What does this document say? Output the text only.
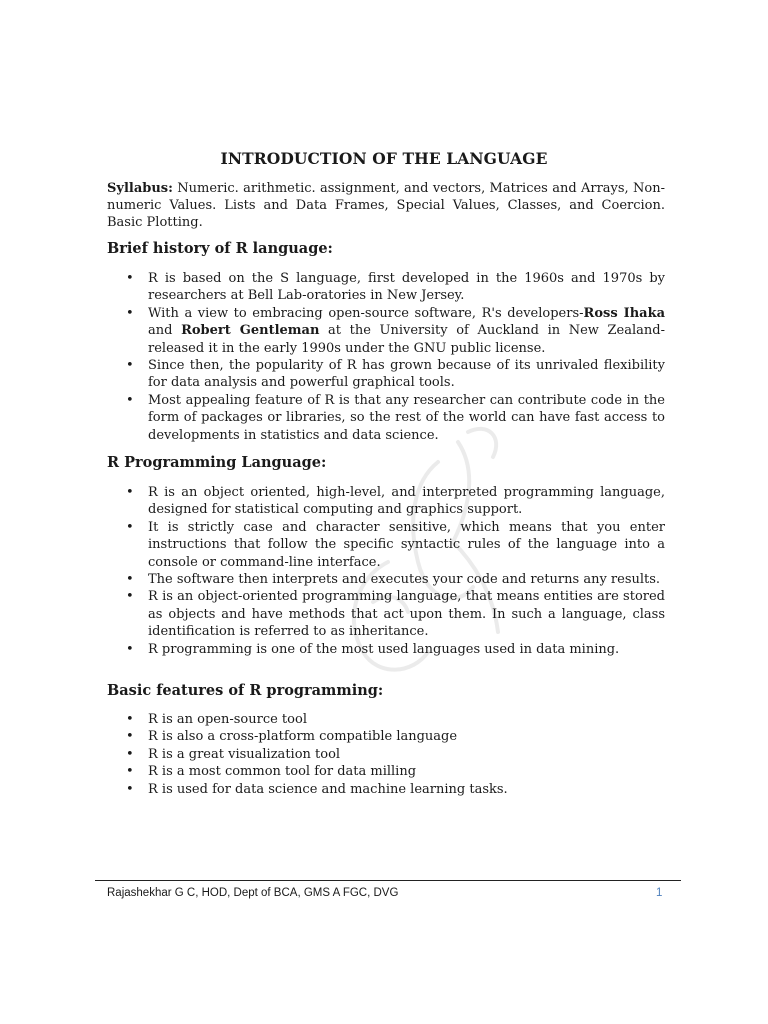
INTRODUCTION OF THE LANGUAGE
Syllabus: Numeric. arithmetic. assignment, and vectors, Matrices and Arrays, Non-numeric Values. Lists and Data Frames, Special Values, Classes, and Coercion. Basic Plotting.
Brief history of R language:
• R is based on the S language, first developed in the 1960s and 1970s by researchers at Bell Lab-oratories in New Jersey.
• With a view to embracing open-source software, R's developers-Ross Ihaka and Robert Gentleman at the University of Auckland in New Zealand-released it in the early 1990s under the GNU public license.
• Since then, the popularity of R has grown because of its unrivaled flexibility for data analysis and powerful graphical tools.
• Most appealing feature of R is that any researcher can contribute code in the form of packages or libraries, so the rest of the world can have fast access to developments in statistics and data science.
R Programming Language:
• R is an object oriented, high-level, and interpreted programming language, designed for statistical computing and graphics support.
• It is strictly case and character sensitive, which means that you enter instructions that follow the specific syntactic rules of the language into a console or command-line interface.
• The software then interprets and executes your code and returns any results.
• R is an object-oriented programming language, that means entities are stored as objects and have methods that act upon them. In such a language, class identification is referred to as inheritance.
• R programming is one of the most used languages used in data mining.
Basic features of R programming:
• R is an open-source tool
• R is also a cross-platform compatible language
• R is a great visualization tool
• R is a most common tool for data milling
• R is used for data science and machine learning tasks.
Rajashekhar G C, HOD, Dept of BCA, GMS A FGC, DVG	1
